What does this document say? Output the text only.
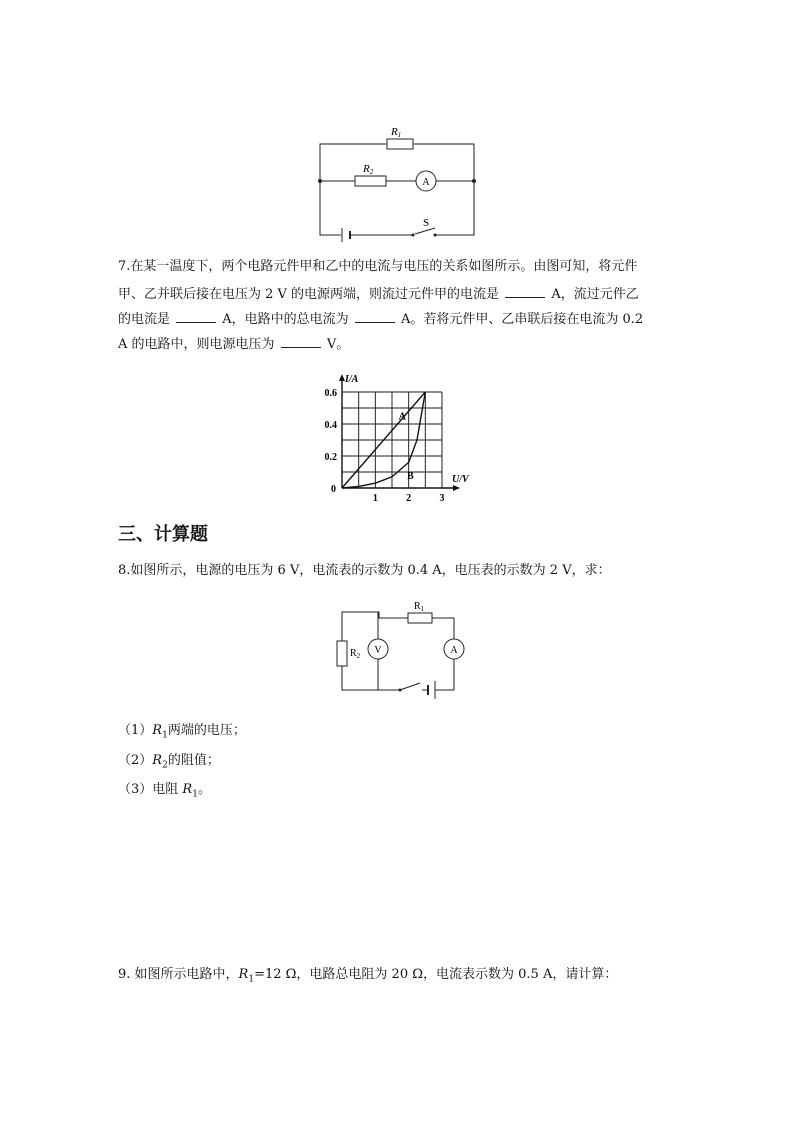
R1
R2
A
S
7.在某一温度下，两个电路元件甲和乙中的电流与电压的关系如图所示。由图可知，将元件
甲、乙并联后接在电压为 2 V 的电源两端，则流过元件甲的电流是	A，流过元件乙
的电流是	A，电路中的总电流为	A。若将元件甲、乙串联后接在电流为 0.2
A 的电路中，则电源电压为	V。
A
B
1	2	3
0.2
0.4
0.6
0
I/A
U/V
三、计算题
8.如图所示，电源的电压为 6 V，电流表的示数为 0.4 A，电压表的示数为 2 V，求：
$R_1$
$R_2$ V	A
$(1)R_1$两端的电压；
$(2)R_2$的阻值；
（3）电阻 $R_1$。
9. 如图所示电路中，$R_1=12$ Ω，电路总电阻为 20 Ω，电流表示数为 0.5 A，请计算：
